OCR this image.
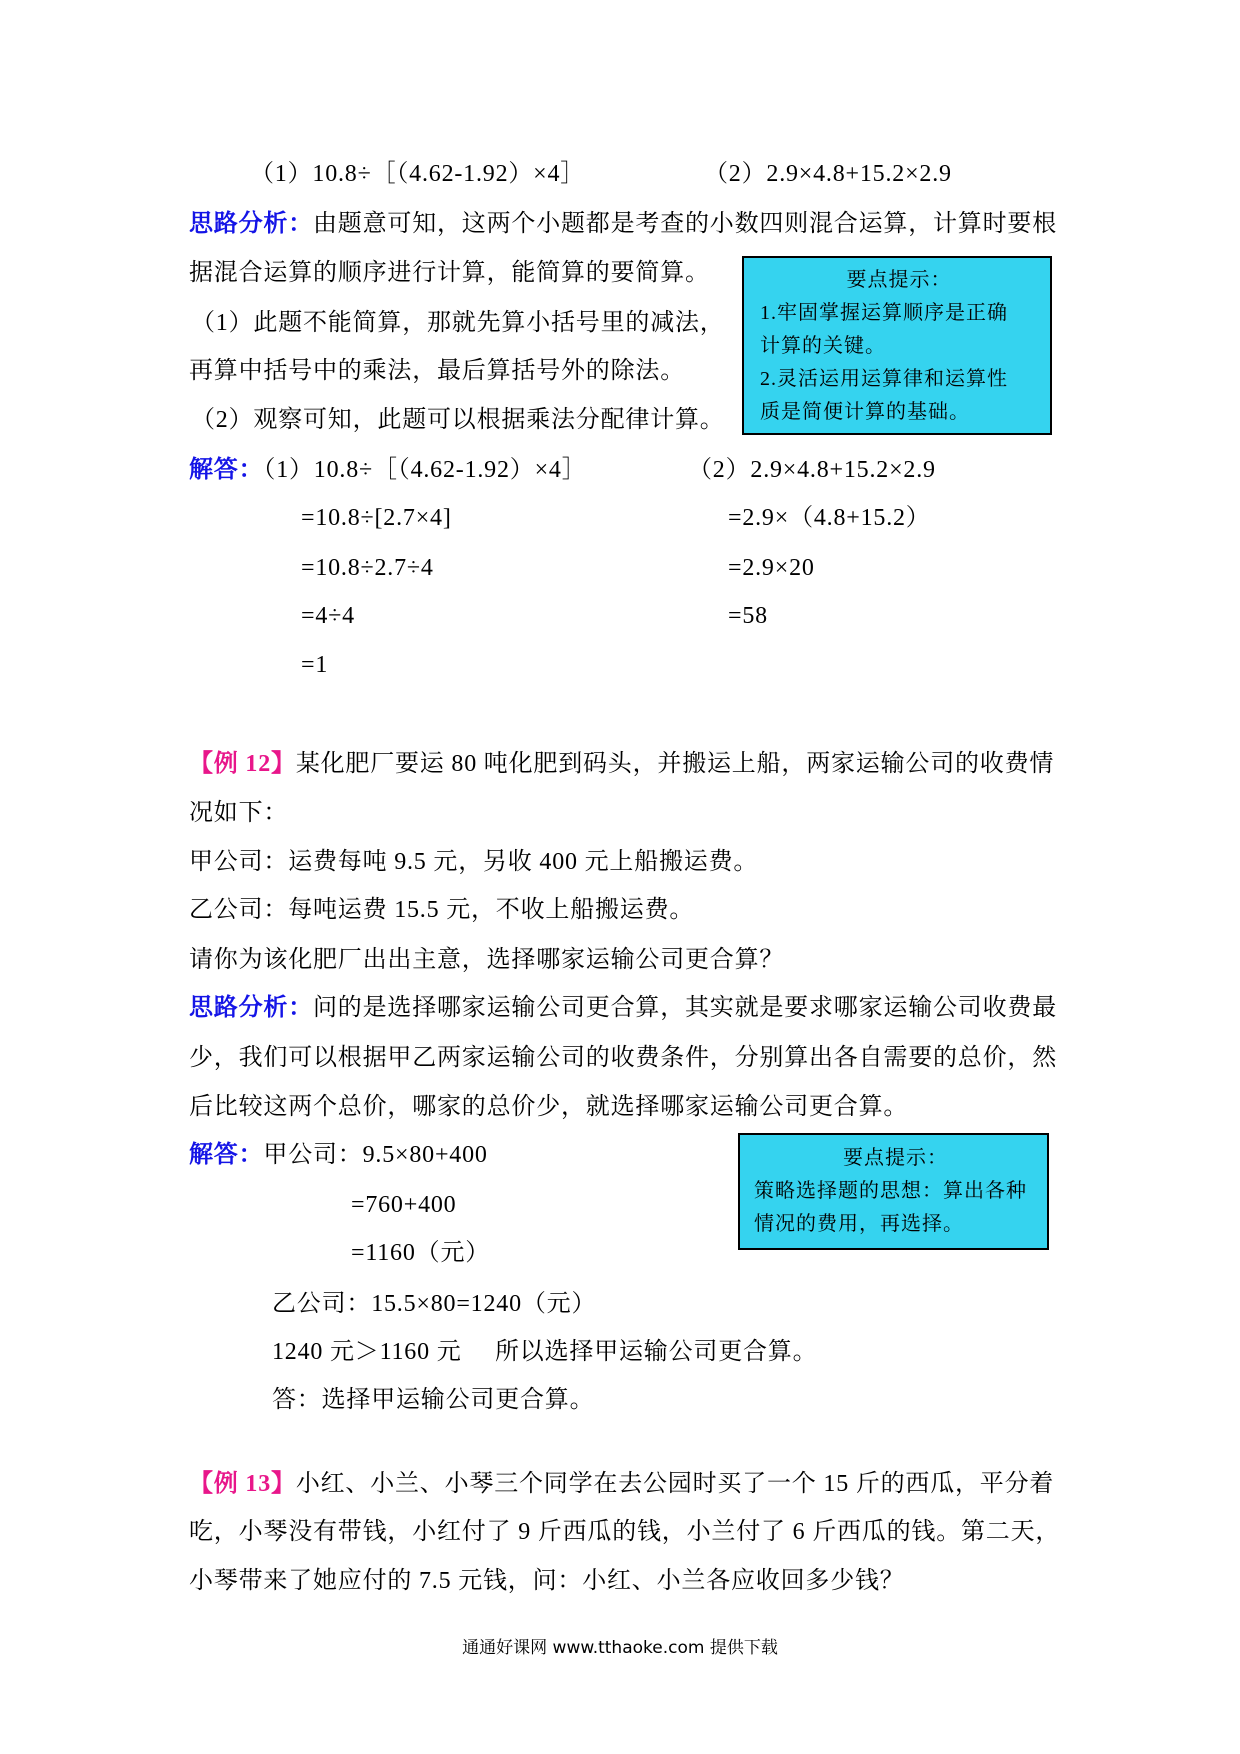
（1）10.8÷［（4.62-1.92）×4］	（2）2.9×4.8+15.2×2.9
思路分析：由题意可知，这两个小题都是考查的小数四则混合运算，计算时要根
据混合运算的顺序进行计算，能简算的要简算。
（1）此题不能简算，那就先算小括号里的减法，
再算中括号中的乘法，最后算括号外的除法。
（2）观察可知，此题可以根据乘法分配律计算。
要点提示：
1.牢固掌握运算顺序是正确
计算的关键。
2.灵活运用运算律和运算性
质是简便计算的基础。
解答：（1）10.8÷［（4.62-1.92）×4］	（2）2.9×4.8+15.2×2.9
=10.8÷[2.7×4]
=10.8÷2.7÷4
=4÷4
=1
=2.9×（4.8+15.2）
=2.9×20
=58
【例 12】某化肥厂要运 80 吨化肥到码头，并搬运上船，两家运输公司的收费情
况如下：
甲公司：运费每吨 9.5 元，另收 400 元上船搬运费。
乙公司：每吨运费 15.5 元，不收上船搬运费。
请你为该化肥厂出出主意，选择哪家运输公司更合算？
思路分析：问的是选择哪家运输公司更合算，其实就是要求哪家运输公司收费最
少，我们可以根据甲乙两家运输公司的收费条件，分别算出各自需要的总价，然
后比较这两个总价，哪家的总价少，就选择哪家运输公司更合算。
解答：甲公司：9.5×80+400
=760+400
=1160（元）
乙公司：15.5×80=1240（元）
1240 元＞1160 元 所以选择甲运输公司更合算。
答：选择甲运输公司更合算。
要点提示：
策略选择题的思想：算出各种
情况的费用，再选择。
【例 13】小红、小兰、小琴三个同学在去公园时买了一个 15 斤的西瓜，平分着
吃，小琴没有带钱，小红付了 9 斤西瓜的钱，小兰付了 6 斤西瓜的钱。第二天，
小琴带来了她应付的 7.5 元钱，问：小红、小兰各应收回多少钱？
通通好课网 www.tthaoke.com 提供下载
